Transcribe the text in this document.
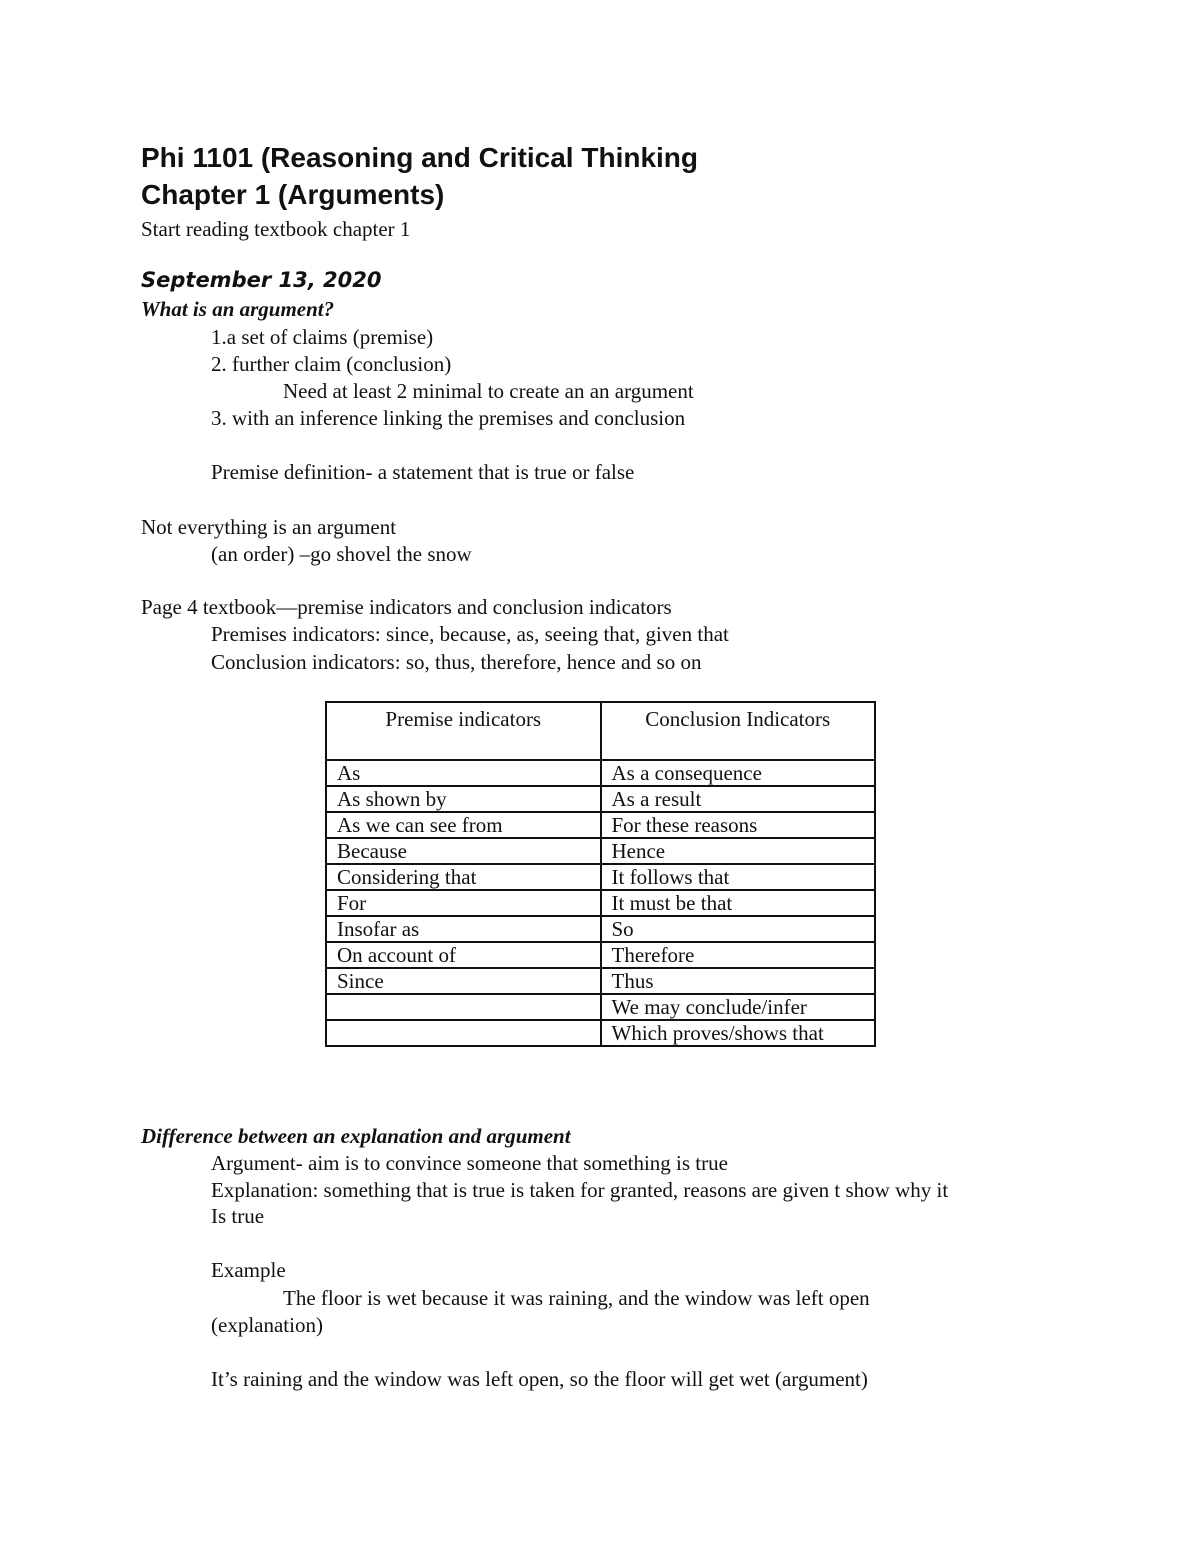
Phi 1101 (Reasoning and Critical Thinking
Chapter 1 (Arguments)
Start reading textbook chapter 1
September 13, 2020
What is an argument?
1.a set of claims (premise)
2. further claim (conclusion)
Need at least 2 minimal to create an an argument
3. with an inference linking the premises and conclusion
Premise definition- a statement that is true or false
Not everything is an argument
(an order) –go shovel the snow
Page 4 textbook—premise indicators and conclusion indicators
Premises indicators: since, because, as, seeing that, given that
Conclusion indicators: so, thus, therefore, hence and so on
Premise indicators	Conclusion Indicators
As	As a consequence
As shown by	As a result
As we can see from	For these reasons
Because	Hence
Considering that	It follows that
For	It must be that
Insofar as	So
On account of	Therefore
Since	Thus
	We may conclude/infer
	Which proves/shows that
Difference between an explanation and argument
Argument- aim is to convince someone that something is true
Explanation: something that is true is taken for granted, reasons are given t show why it
Is true
Example
The floor is wet because it was raining, and the window was left open
(explanation)
It’s raining and the window was left open, so the floor will get wet (argument)
